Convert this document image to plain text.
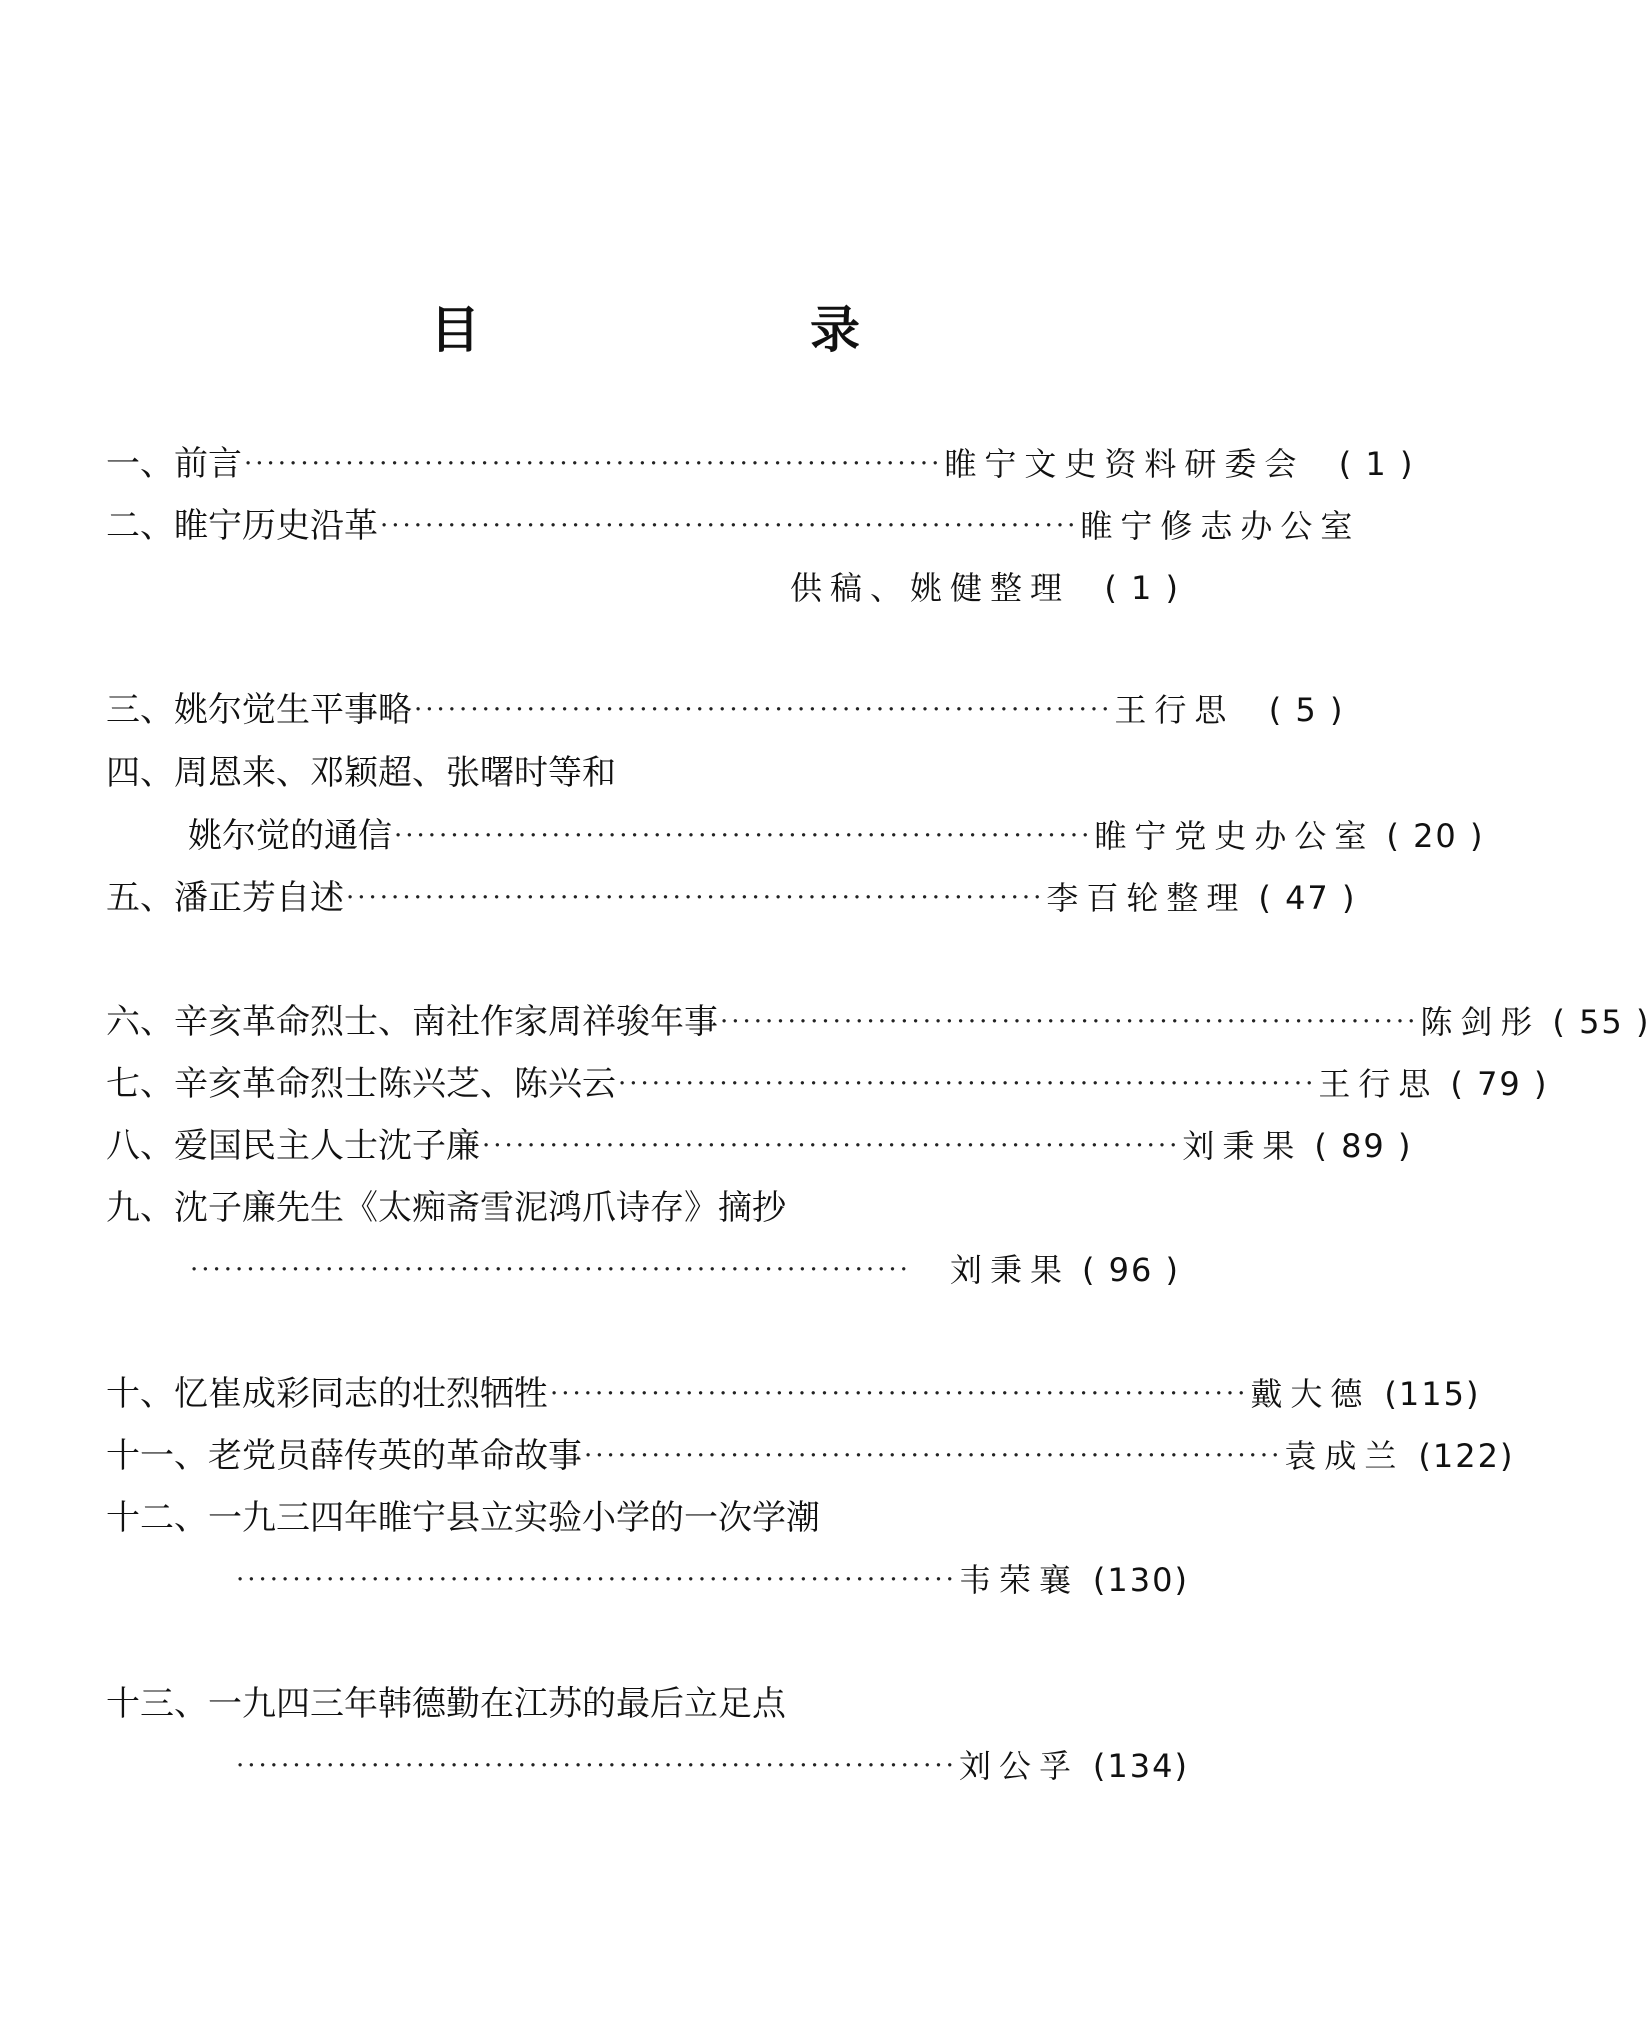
目　录
一、前言 ······························································ 睢宁文史资料研委会	( 1 )
二、睢宁历史沿革 ······························································ 睢宁修志办公室
供稿、姚健整理	( 1 )
三、姚尔觉生平事略 ······························································ 王行思	( 5 )
四、周恩来、邓颖超、张曙时等和
姚尔觉的通信 ······························································ 睢宁党史办公室 ( 20 )
五、潘正芳自述 ······························································ 李百轮整理 ( 47 )
六、辛亥革命烈士、南社作家周祥骏年事 ······························································ 陈剑彤 ( 55 )
七、辛亥革命烈士陈兴芝、陈兴云 ······························································ 王行思 ( 79 )
八、爱国民主人士沈子廉 ······························································ 刘秉果 ( 89 )
九、沈子廉先生《太痴斋雪泥鸿爪诗存》摘抄
································································	刘秉果 ( 96 )
十、忆崔成彩同志的壮烈牺牲 ······························································ 戴大德 (115)
十一、老党员薛传英的革命故事 ······························································ 袁成兰 (122)
十二、一九三四年睢宁县立实验小学的一次学潮
································································ 韦荣襄 (130)
十三、一九四三年韩德勤在江苏的最后立足点
································································ 刘公孚 (134)
